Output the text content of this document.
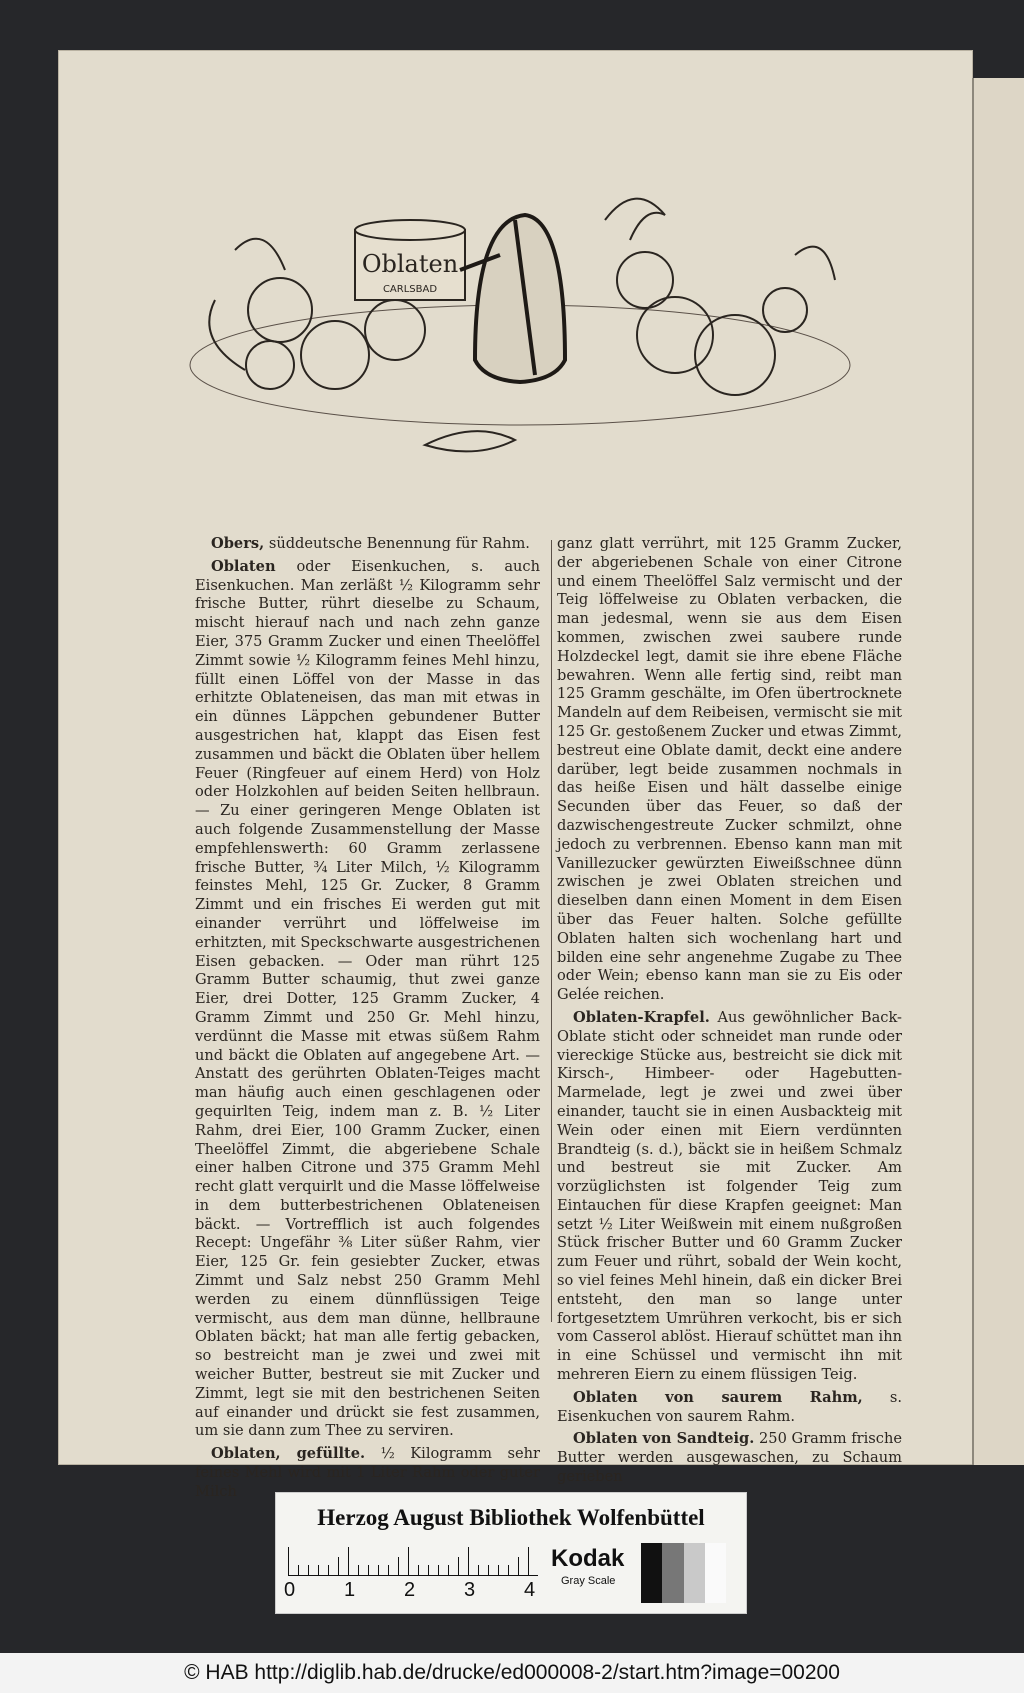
Oblaten
CARLSBAD

Obers, süddeutsche Benennung für Rahm.

Oblaten oder Eisenkuchen, s. auch Eisenkuchen. Man zerläßt ½ Kilogramm sehr frische Butter, rührt dieselbe zu Schaum, mischt hierauf nach und nach zehn ganze Eier, 375 Gramm Zucker und einen Theelöffel Zimmt sowie ½ Kilogramm feines Mehl hinzu, füllt einen Löffel von der Masse in das erhitzte Oblateneisen, das man mit etwas in ein dünnes Läppchen gebundener Butter ausgestrichen hat, klappt das Eisen fest zusammen und bäckt die Oblaten über hellem Feuer (Ringfeuer auf einem Herd) von Holz oder Holzkohlen auf beiden Seiten hellbraun. — Zu einer geringeren Menge Oblaten ist auch folgende Zusammenstellung der Masse empfehlenswerth: 60 Gramm zerlassene frische Butter, ¾ Liter Milch, ½ Kilogramm feinstes Mehl, 125 Gr. Zucker, 8 Gramm Zimmt und ein frisches Ei werden gut mit einander verrührt und löffelweise im erhitzten, mit Speckschwarte ausgestrichenen Eisen gebacken. — Oder man rührt 125 Gramm Butter schaumig, thut zwei ganze Eier, drei Dotter, 125 Gramm Zucker, 4 Gramm Zimmt und 250 Gr. Mehl hinzu, verdünnt die Masse mit etwas süßem Rahm und bäckt die Oblaten auf angegebene Art. — Anstatt des gerührten Oblaten-Teiges macht man häufig auch einen geschlagenen oder gequirlten Teig, indem man z. B. ½ Liter Rahm, drei Eier, 100 Gramm Zucker, einen Theelöffel Zimmt, die abgeriebene Schale einer halben Citrone und 375 Gramm Mehl recht glatt verquirlt und die Masse löffelweise in dem butterbestrichenen Oblateneisen bäckt. — Vortrefflich ist auch folgendes Recept: Ungefähr ⅜ Liter süßer Rahm, vier Eier, 125 Gr. fein gesiebter Zucker, etwas Zimmt und Salz nebst 250 Gramm Mehl werden zu einem dünnflüssigen Teige vermischt, aus dem man dünne, hellbraune Oblaten bäckt; hat man alle fertig gebacken, so bestreicht man je zwei und zwei mit weicher Butter, bestreut sie mit Zucker und Zimmt, legt sie mit den bestrichenen Seiten auf einander und drückt sie fest zusammen, um sie dann zum Thee zu serviren.

Oblaten, gefüllte. ½ Kilogramm sehr feines Mehl wird mit 1 Liter Rahm oder guter Milch

ganz glatt verrührt, mit 125 Gramm Zucker, der abgeriebenen Schale von einer Citrone und einem Theelöffel Salz vermischt und der Teig löffelweise zu Oblaten verbacken, die man jedesmal, wenn sie aus dem Eisen kommen, zwischen zwei saubere runde Holzdeckel legt, damit sie ihre ebene Fläche bewahren. Wenn alle fertig sind, reibt man 125 Gramm geschälte, im Ofen übertrocknete Mandeln auf dem Reibeisen, vermischt sie mit 125 Gr. gestoßenem Zucker und etwas Zimmt, bestreut eine Oblate damit, deckt eine andere darüber, legt beide zusammen nochmals in das heiße Eisen und hält dasselbe einige Secunden über das Feuer, so daß der dazwischengestreute Zucker schmilzt, ohne jedoch zu verbrennen. Ebenso kann man mit Vanillezucker gewürzten Eiweißschnee dünn zwischen je zwei Oblaten streichen und dieselben dann einen Moment in dem Eisen über das Feuer halten. Solche gefüllte Oblaten halten sich wochenlang hart und bilden eine sehr angenehme Zugabe zu Thee oder Wein; ebenso kann man sie zu Eis oder Gelée reichen.

Oblaten-Krapfel. Aus gewöhnlicher Back-Oblate sticht oder schneidet man runde oder viereckige Stücke aus, bestreicht sie dick mit Kirsch-, Himbeer- oder Hagebutten-Marmelade, legt je zwei und zwei über einander, taucht sie in einen Ausbackteig mit Wein oder einen mit Eiern verdünnten Brandteig (s. d.), bäckt sie in heißem Schmalz und bestreut sie mit Zucker. Am vorzüglichsten ist folgender Teig zum Eintauchen für diese Krapfen geeignet: Man setzt ½ Liter Weißwein mit einem nußgroßen Stück frischer Butter und 60 Gramm Zucker zum Feuer und rührt, sobald der Wein kocht, so viel feines Mehl hinein, daß ein dicker Brei entsteht, den man so lange unter fortgesetztem Umrühren verkocht, bis er sich vom Casserol ablöst. Hierauf schüttet man ihn in eine Schüssel und vermischt ihn mit mehreren Eiern zu einem flüssigen Teig.

Oblaten von saurem Rahm, s. Eisenkuchen von saurem Rahm.

Oblaten von Sandteig. 250 Gramm frische Butter werden ausgewaschen, zu Schaum gerieben

Herzog August Bibliothek Wolfenbüttel
0 1 2 3 4
Kodak
Gray Scale
© HAB http://diglib.hab.de/drucke/ed000008-2/start.htm?image=00200
